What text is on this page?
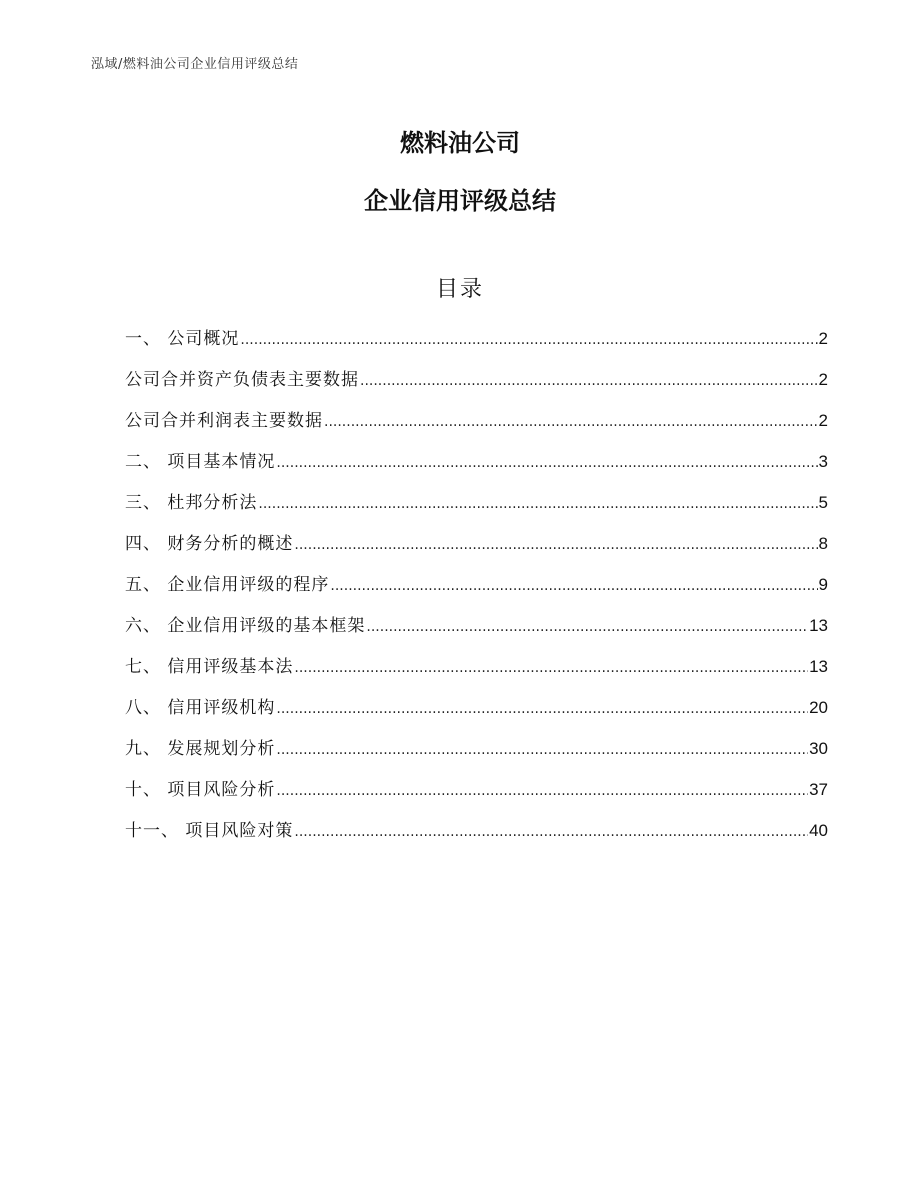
泓域/燃料油公司企业信用评级总结
燃料油公司
企业信用评级总结
目录
一、 公司概况 .....	2
公司合并资产负债表主要数据 .....	2
公司合并利润表主要数据 .....	2
二、 项目基本情况 .....	3
三、 杜邦分析法 .....	5
四、 财务分析的概述 .....	8
五、 企业信用评级的程序 .....	9
六、 企业信用评级的基本框架 .....	13
七、 信用评级基本法 .....	13
八、 信用评级机构 .....	20
九、 发展规划分析 .....	30
十、 项目风险分析 .....	37
十一、 项目风险对策 .....	40
